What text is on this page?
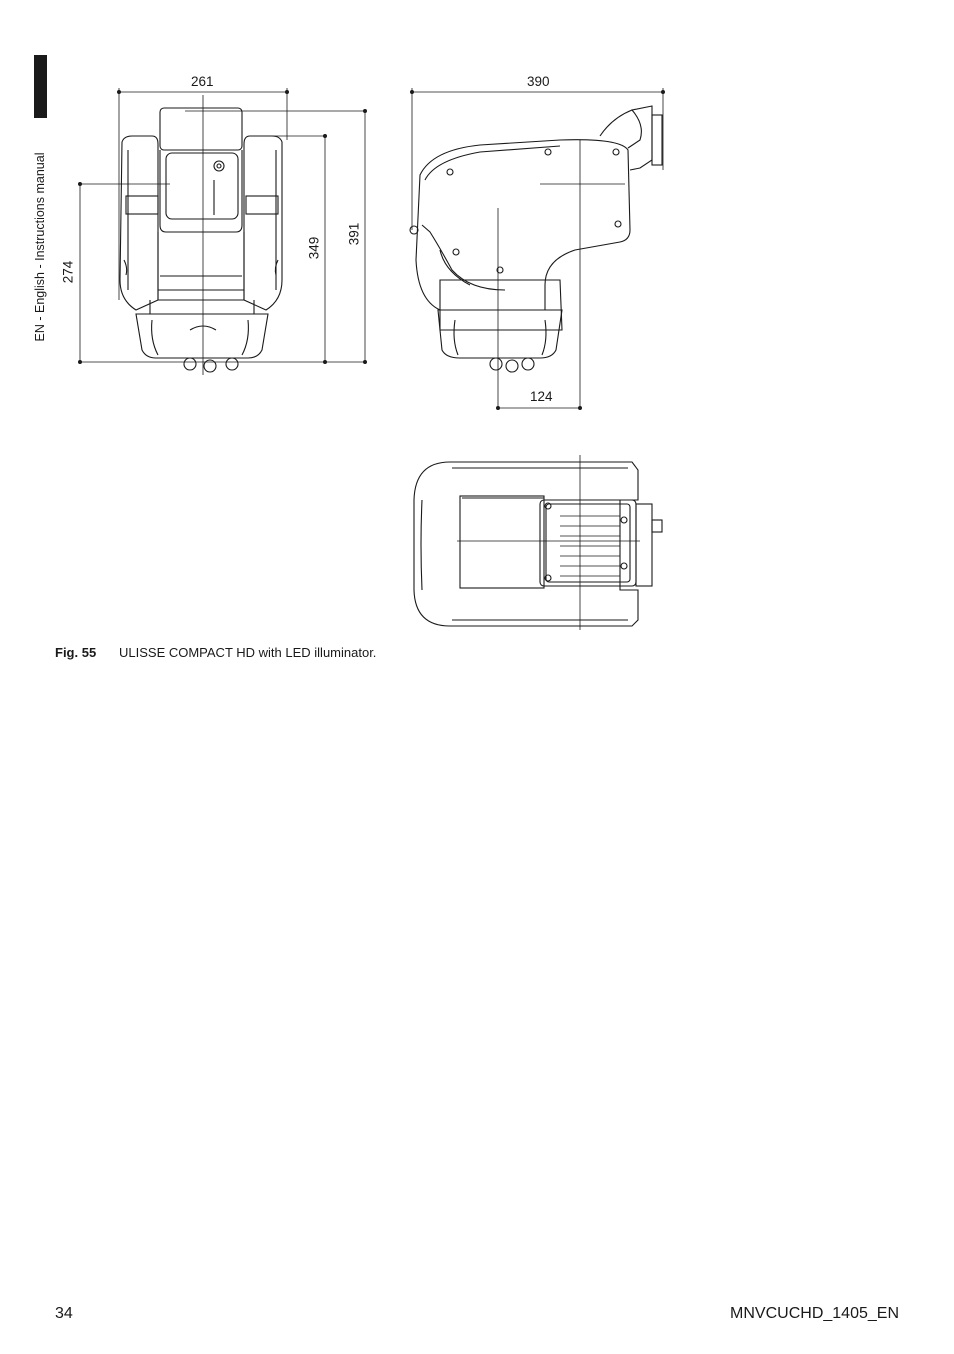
EN - English - Instructions manual
261
274
349
391
390
124
Fig. 55 ULISSE COMPACT HD with LED illuminator.
34	MNVCUCHD_1405_EN
